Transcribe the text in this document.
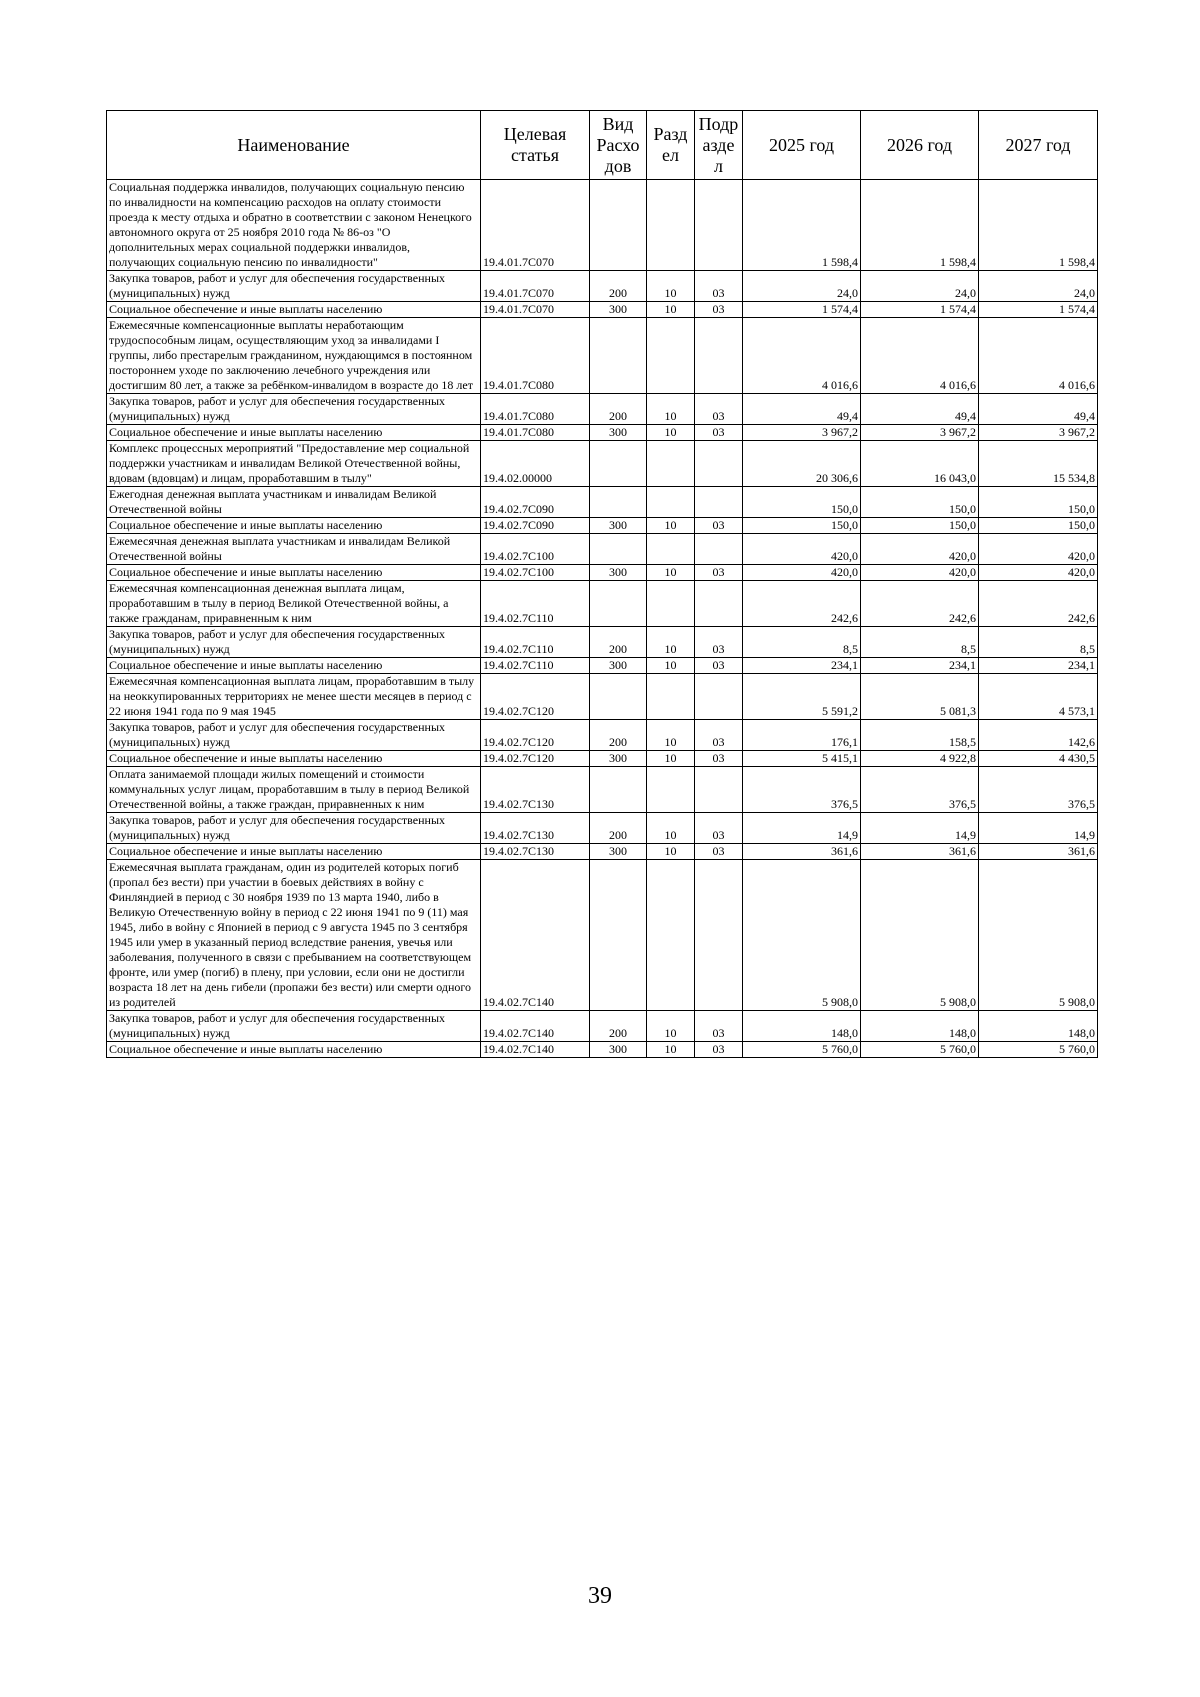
Наименование	Целевая статья	Вид Расхо дов	Разд ел	Подр азде л	2025 год	2026 год	2027 год
Социальная поддержка инвалидов, получающих социальную пенсию по инвалидности на компенсацию расходов на оплату стоимости проезда к месту отдыха и обратно в соответствии с законом Ненецкого автономного округа от 25 ноября 2010 года № 86-оз "О дополнительных мерах социальной поддержки инвалидов, получающих социальную пенсию по инвалидности"	19.4.01.7С070				1 598,4	1 598,4	1 598,4
Закупка товаров, работ и услуг для обеспечения государственных (муниципальных) нужд	19.4.01.7С070	200	10	03	24,0	24,0	24,0
Социальное обеспечение и иные выплаты населению	19.4.01.7С070	300	10	03	1 574,4	1 574,4	1 574,4
Ежемесячные компенсационные выплаты неработающим трудоспособным лицам, осуществляющим уход за инвалидами I группы, либо престарелым гражданином, нуждающимся в постоянном постороннем уходе по заключению лечебного учреждения или достигшим 80 лет, а также за ребёнком-инвалидом в возрасте до 18 лет	19.4.01.7С080				4 016,6	4 016,6	4 016,6
Закупка товаров, работ и услуг для обеспечения государственных (муниципальных) нужд	19.4.01.7С080	200	10	03	49,4	49,4	49,4
Социальное обеспечение и иные выплаты населению	19.4.01.7С080	300	10	03	3 967,2	3 967,2	3 967,2
Комплекс процессных мероприятий "Предоставление мер социальной поддержки участникам и инвалидам Великой Отечественной войны, вдовам (вдовцам) и лицам, проработавшим в тылу"	19.4.02.00000				20 306,6	16 043,0	15 534,8
Ежегодная денежная выплата участникам и инвалидам Великой Отечественной войны	19.4.02.7С090				150,0	150,0	150,0
Социальное обеспечение и иные выплаты населению	19.4.02.7С090	300	10	03	150,0	150,0	150,0
Ежемесячная денежная выплата участникам и инвалидам Великой Отечественной войны	19.4.02.7С100				420,0	420,0	420,0
Социальное обеспечение и иные выплаты населению	19.4.02.7С100	300	10	03	420,0	420,0	420,0
Ежемесячная компенсационная денежная выплата лицам, проработавшим в тылу в период Великой Отечественной войны, а также гражданам, приравненным к ним	19.4.02.7С110				242,6	242,6	242,6
Закупка товаров, работ и услуг для обеспечения государственных (муниципальных) нужд	19.4.02.7С110	200	10	03	8,5	8,5	8,5
Социальное обеспечение и иные выплаты населению	19.4.02.7С110	300	10	03	234,1	234,1	234,1
Ежемесячная компенсационная выплата лицам, проработавшим в тылу на неоккупированных территориях не менее шести месяцев в период с 22 июня 1941 года по 9 мая 1945	19.4.02.7С120				5 591,2	5 081,3	4 573,1
Закупка товаров, работ и услуг для обеспечения государственных (муниципальных) нужд	19.4.02.7С120	200	10	03	176,1	158,5	142,6
Социальное обеспечение и иные выплаты населению	19.4.02.7С120	300	10	03	5 415,1	4 922,8	4 430,5
Оплата занимаемой площади жилых помещений и стоимости коммунальных услуг лицам, проработавшим в тылу в период Великой Отечественной войны, а также граждан, приравненных к ним	19.4.02.7С130				376,5	376,5	376,5
Закупка товаров, работ и услуг для обеспечения государственных (муниципальных) нужд	19.4.02.7С130	200	10	03	14,9	14,9	14,9
Социальное обеспечение и иные выплаты населению	19.4.02.7С130	300	10	03	361,6	361,6	361,6
Ежемесячная выплата гражданам, один из родителей которых погиб (пропал без вести) при участии в боевых действиях в войну с Финляндией в период с 30 ноября 1939 по 13 марта 1940, либо в Великую Отечественную войну в период с 22 июня 1941 по 9 (11) мая 1945, либо в войну с Японией в период с 9 августа 1945 по 3 сентября 1945 или умер в указанный период вследствие ранения, увечья или заболевания, полученного в связи с пребыванием на соответствующем фронте, или умер (погиб) в плену, при условии, если они не достигли возраста 18 лет на день гибели (пропажи без вести) или смерти одного из родителей	19.4.02.7С140				5 908,0	5 908,0	5 908,0
Закупка товаров, работ и услуг для обеспечения государственных (муниципальных) нужд	19.4.02.7С140	200	10	03	148,0	148,0	148,0
Социальное обеспечение и иные выплаты населению	19.4.02.7С140	300	10	03	5 760,0	5 760,0	5 760,0
39
